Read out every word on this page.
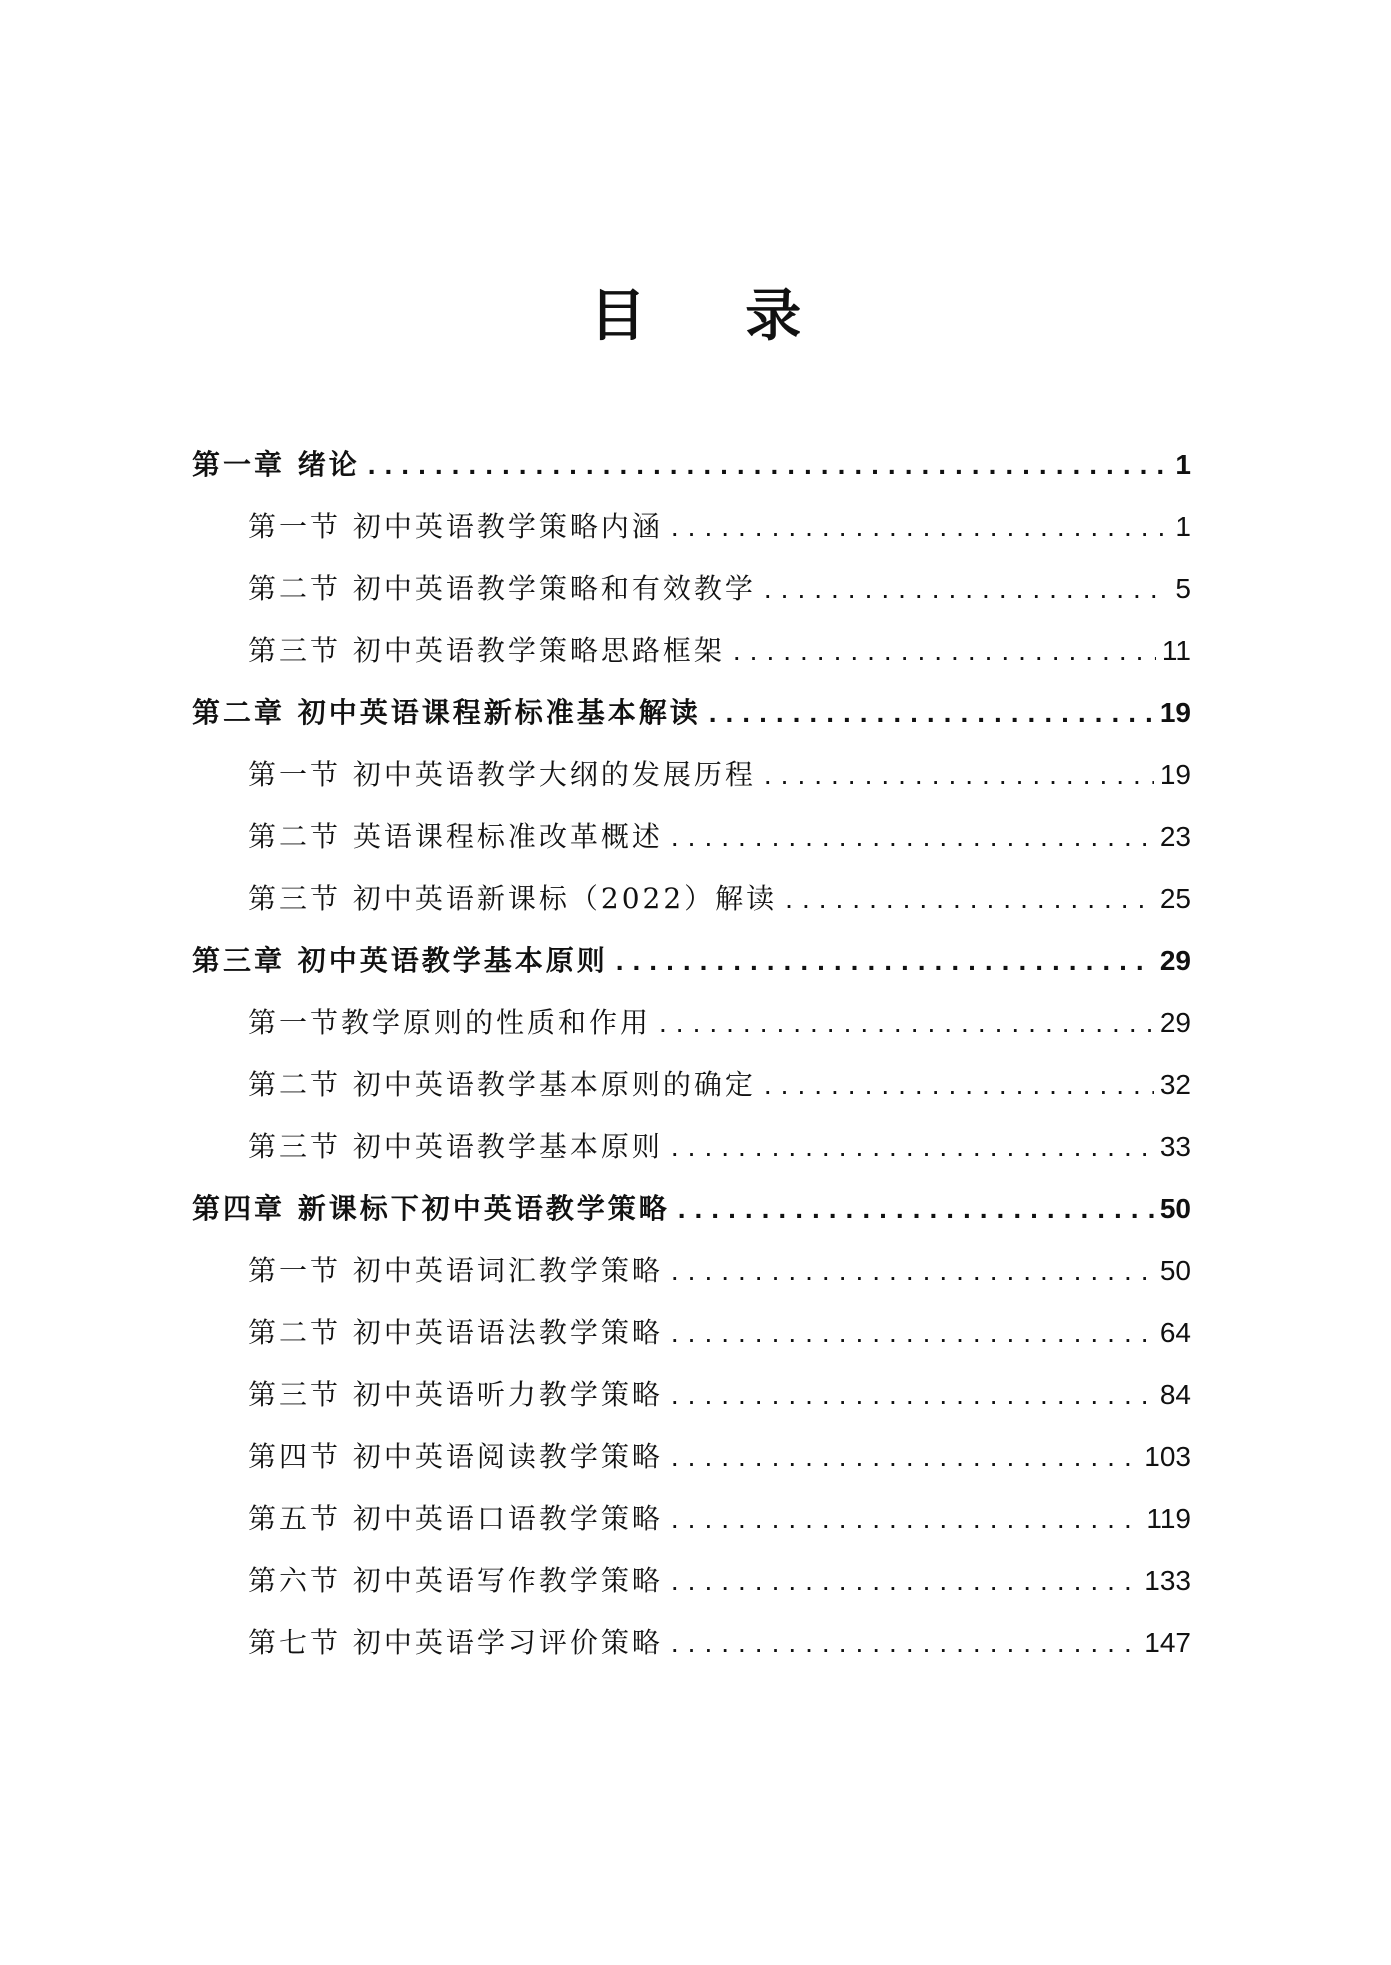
目 录
第一章 绪论 .....	1
第一节 初中英语教学策略内涵 .....	1
第二节 初中英语教学策略和有效教学 .....	5
第三节 初中英语教学策略思路框架 .....	11
第二章 初中英语课程新标准基本解读 .....	19
第一节 初中英语教学大纲的发展历程 .....	19
第二节 英语课程标准改革概述 .....	23
第三节 初中英语新课标（2022）解读 .....	25
第三章 初中英语教学基本原则 .....	29
第一节教学原则的性质和作用 .....	29
第二节 初中英语教学基本原则的确定 .....	32
第三节 初中英语教学基本原则 .....	33
第四章 新课标下初中英语教学策略 .....	50
第一节 初中英语词汇教学策略 .....	50
第二节 初中英语语法教学策略 .....	64
第三节 初中英语听力教学策略 .....	84
第四节 初中英语阅读教学策略 .....	103
第五节 初中英语口语教学策略 .....	119
第六节 初中英语写作教学策略 .....	133
第七节 初中英语学习评价策略 .....	147
